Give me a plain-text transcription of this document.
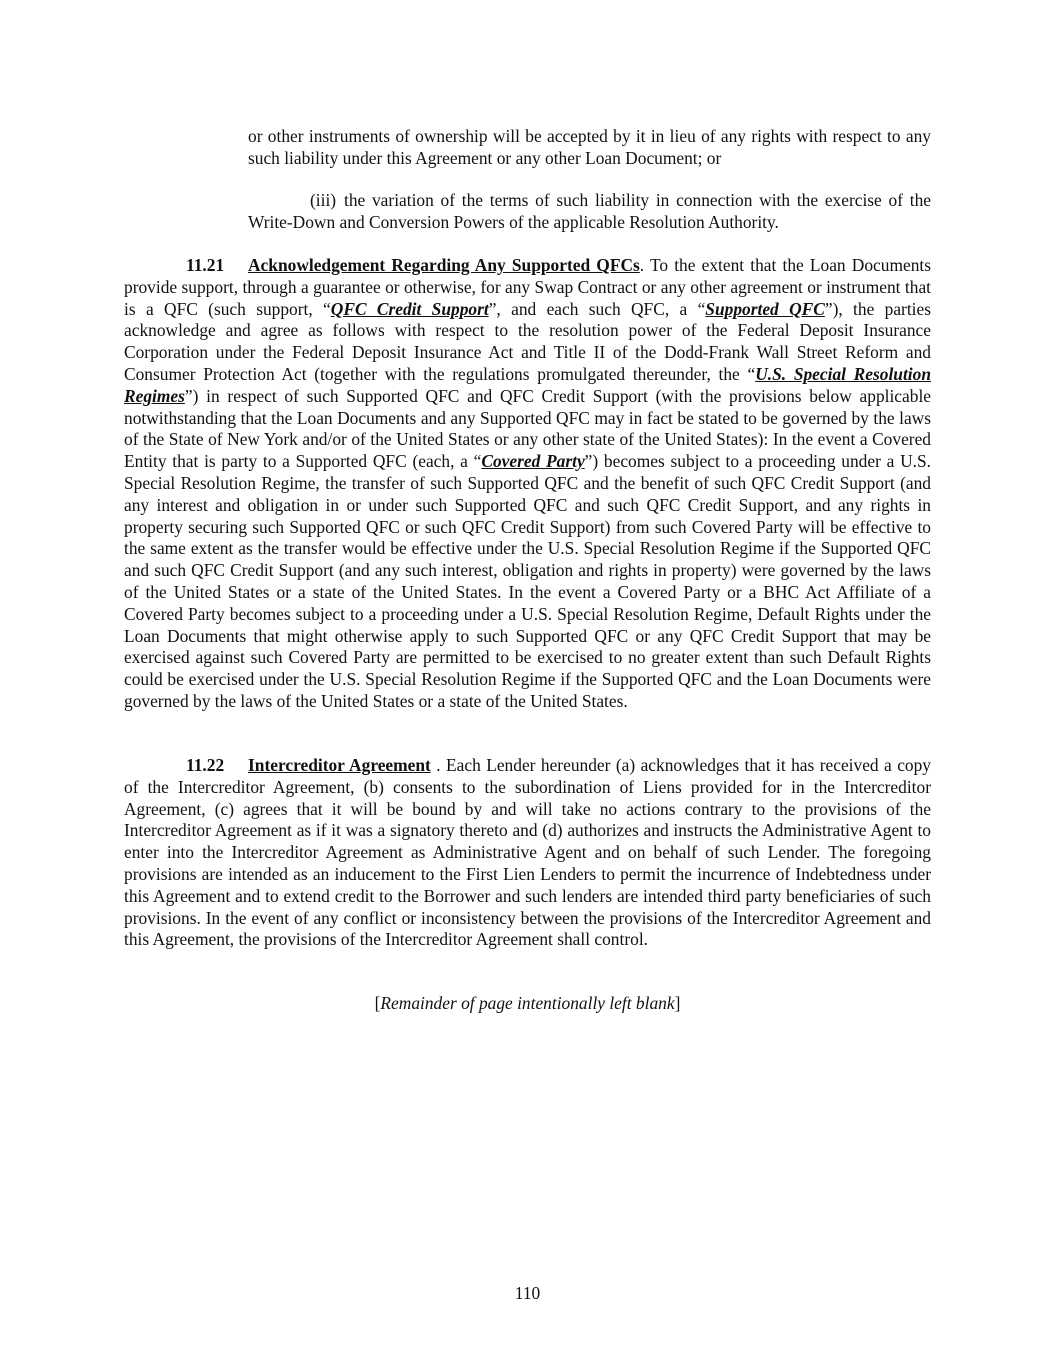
or other instruments of ownership will be accepted by it in lieu of any rights with respect to any such liability under this Agreement or any other Loan Document; or

(iii) the variation of the terms of such liability in connection with the exercise of the Write-Down and Conversion Powers of the applicable Resolution Authority.

11.21 Acknowledgement Regarding Any Supported QFCs. To the extent that the Loan Documents provide support, through a guarantee or otherwise, for any Swap Contract or any other agreement or instrument that is a QFC (such support, “QFC Credit Support”, and each such QFC, a “Supported QFC”), the parties acknowledge and agree as follows with respect to the resolution power of the Federal Deposit Insurance Corporation under the Federal Deposit Insurance Act and Title II of the Dodd-Frank Wall Street Reform and Consumer Protection Act (together with the regulations promulgated thereunder, the “U.S. Special Resolution Regimes”) in respect of such Supported QFC and QFC Credit Support (with the provisions below applicable notwithstanding that the Loan Documents and any Supported QFC may in fact be stated to be governed by the laws of the State of New York and/or of the United States or any other state of the United States): In the event a Covered Entity that is party to a Supported QFC (each, a “Covered Party”) becomes subject to a proceeding under a U.S. Special Resolution Regime, the transfer of such Supported QFC and the benefit of such QFC Credit Support (and any interest and obligation in or under such Supported QFC and such QFC Credit Support, and any rights in property securing such Supported QFC or such QFC Credit Support) from such Covered Party will be effective to the same extent as the transfer would be effective under the U.S. Special Resolution Regime if the Supported QFC and such QFC Credit Support (and any such interest, obligation and rights in property) were governed by the laws of the United States or a state of the United States. In the event a Covered Party or a BHC Act Affiliate of a Covered Party becomes subject to a proceeding under a U.S. Special Resolution Regime, Default Rights under the Loan Documents that might otherwise apply to such Supported QFC or any QFC Credit Support that may be exercised against such Covered Party are permitted to be exercised to no greater extent than such Default Rights could be exercised under the U.S. Special Resolution Regime if the Supported QFC and the Loan Documents were governed by the laws of the United States or a state of the United States.

11.22 Intercreditor Agreement . Each Lender hereunder (a) acknowledges that it has received a copy of the Intercreditor Agreement, (b) consents to the subordination of Liens provided for in the Intercreditor Agreement, (c) agrees that it will be bound by and will take no actions contrary to the provisions of the Intercreditor Agreement as if it was a signatory thereto and (d) authorizes and instructs the Administrative Agent to enter into the Intercreditor Agreement as Administrative Agent and on behalf of such Lender. The foregoing provisions are intended as an inducement to the First Lien Lenders to permit the incurrence of Indebtedness under this Agreement and to extend credit to the Borrower and such lenders are intended third party beneficiaries of such provisions. In the event of any conflict or inconsistency between the provisions of the Intercreditor Agreement and this Agreement, the provisions of the Intercreditor Agreement shall control.

[Remainder of page intentionally left blank]

110
